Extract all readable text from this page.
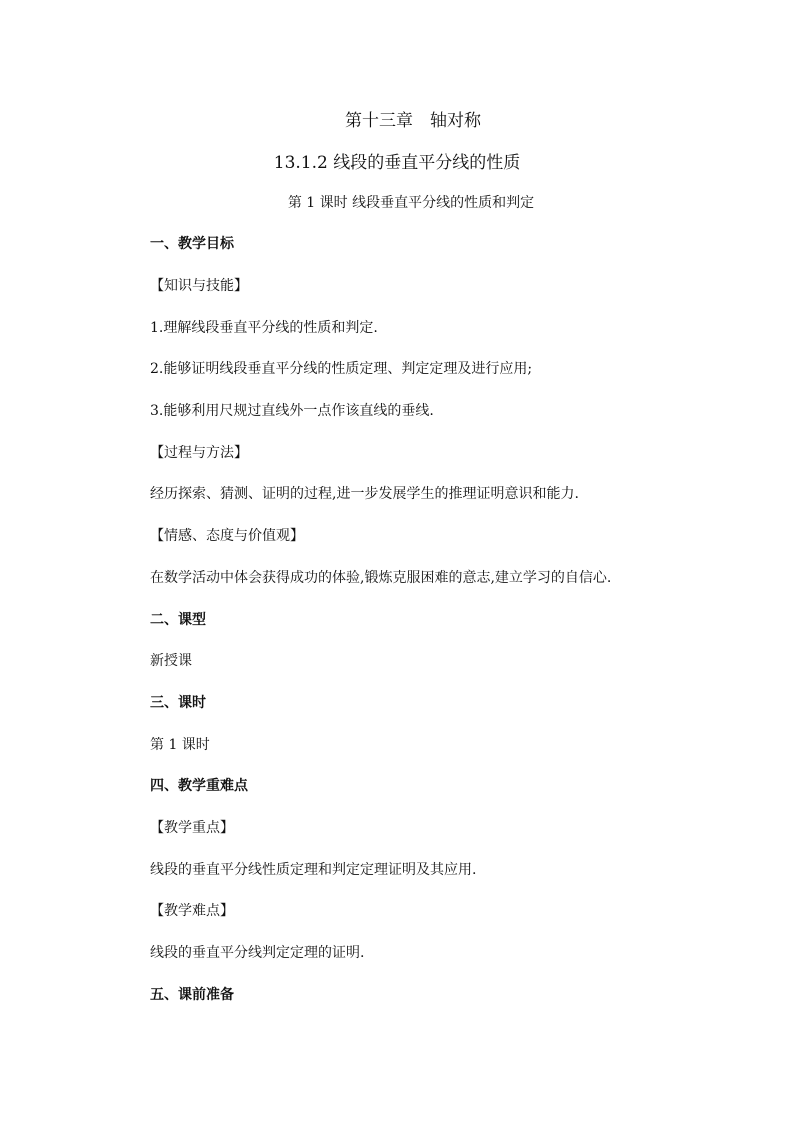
第十三章　轴对称
13.1.2 线段的垂直平分线的性质
第 1 课时 线段垂直平分线的性质和判定
一、教学目标
【知识与技能】
1.理解线段垂直平分线的性质和判定.
2.能够证明线段垂直平分线的性质定理、判定定理及进行应用;
3.能够利用尺规过直线外一点作该直线的垂线.
【过程与方法】
经历探索、猜测、证明的过程,进一步发展学生的推理证明意识和能力.
【情感、态度与价值观】
在数学活动中体会获得成功的体验,锻炼克服困难的意志,建立学习的自信心.
二、课型
新授课
三、课时
第 1 课时
四、教学重难点
【教学重点】
线段的垂直平分线性质定理和判定定理证明及其应用.
【教学难点】
线段的垂直平分线判定定理的证明.
五、课前准备
